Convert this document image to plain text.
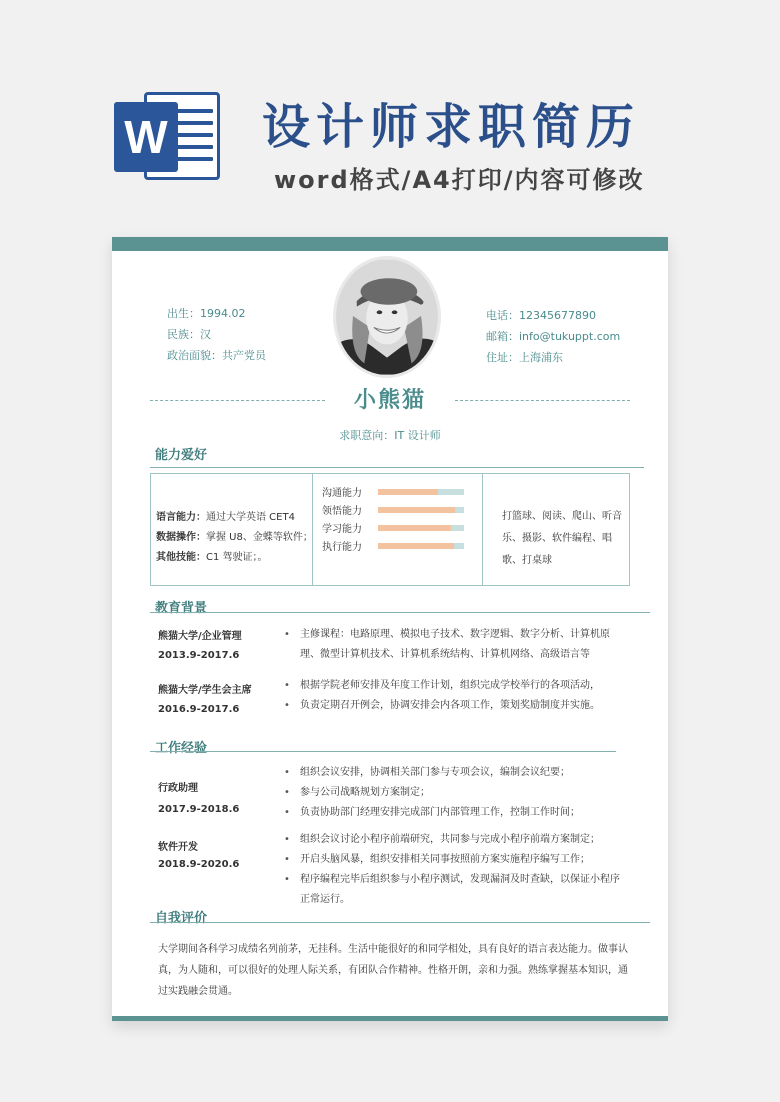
W 设计师求职简历
word格式/A4打印/内容可修改
出生：1994.02
民族：汉
政治面貌：共产党员
电话：12345677890
邮箱：info@tukuppt.com
住址：上海浦东
小熊猫
求职意向：IT 设计师
能力爱好
语言能力：通过大学英语 CET4
数据操作：掌握 U8、金蝶等软件；
其他技能：C1 驾驶证；。
沟通能力
领悟能力
学习能力
执行能力
打篮球、阅读、爬山、听音乐、摄影、软件编程、唱歌、打桌球
教育背景
熊猫大学/企业管理
2013.9-2017.6
• 主修课程：电路原理、模拟电子技术、数字逻辑、数字分析、计算机原理、微型计算机技术、计算机系统结构、计算机网络、高级语言等
熊猫大学/学生会主席
2016.9-2017.6
• 根据学院老师安排及年度工作计划，组织完成学校举行的各项活动，
• 负责定期召开例会，协调安排会内各项工作，策划奖励制度并实施。
工作经验
行政助理
2017.9-2018.6
• 组织会议安排，协调相关部门参与专项会议，编制会议纪要；
• 参与公司战略规划方案制定；
• 负责协助部门经理安排完成部门内部管理工作，控制工作时间；
软件开发
2018.9-2020.6
• 组织会议讨论小程序前端研究，共同参与完成小程序前端方案制定；
• 开启头脑风暴，组织安排相关同事按照前方案实施程序编写工作；
• 程序编程完毕后组织参与小程序测试，发现漏洞及时查缺，以保证小程序正常运行。
自我评价
大学期间各科学习成绩名列前茅，无挂科。生活中能很好的和同学相处，具有良好的语言表达能力。做事认真，为人随和，可以很好的处理人际关系，有团队合作精神。性格开朗，亲和力强。熟练掌握基本知识，通过实践融会贯通。
